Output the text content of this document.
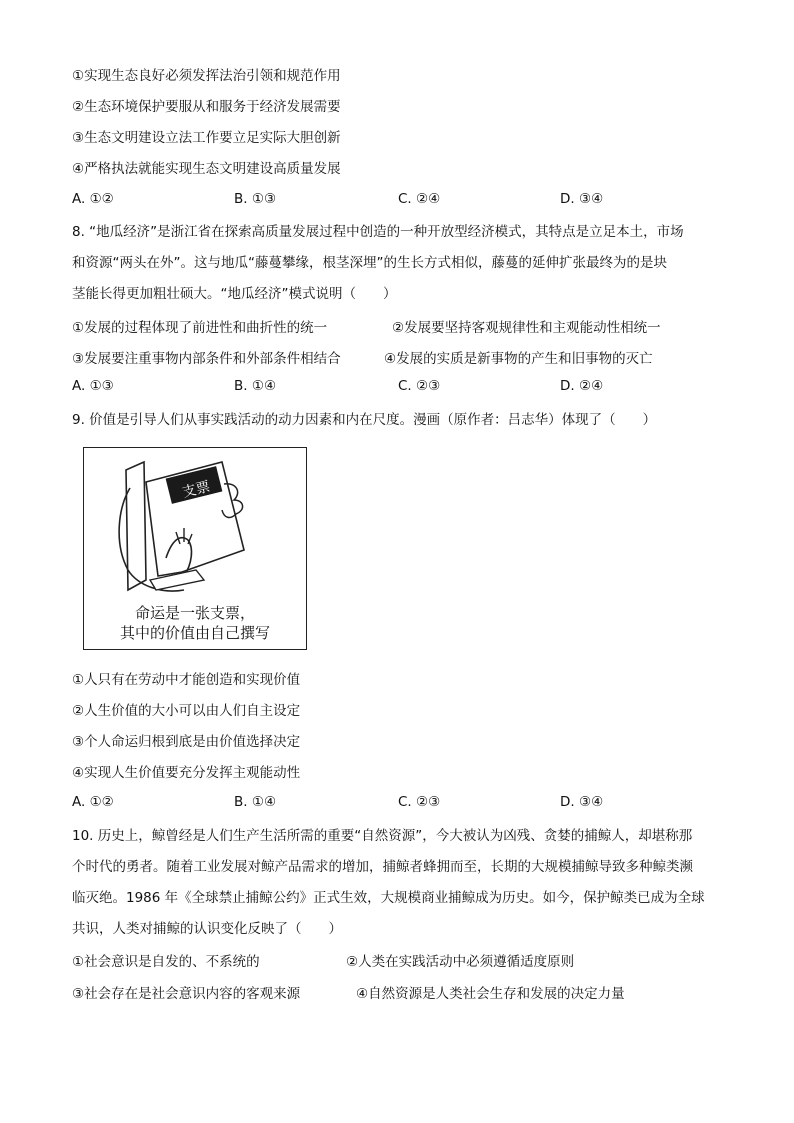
①实现生态良好必须发挥法治引领和规范作用
②生态环境保护要服从和服务于经济发展需要
③生态文明建设立法工作要立足实际大胆创新
④严格执法就能实现生态文明建设高质量发展
A. ①②	B. ①③	C. ②④	D. ③④
8. “地瓜经济”是浙江省在探索高质量发展过程中创造的一种开放型经济模式，其特点是立足本土，市场
和资源“两头在外”。这与地瓜“藤蔓攀缘，根茎深埋”的生长方式相似，藤蔓的延伸扩张最终为的是块
茎能长得更加粗壮硕大。“地瓜经济”模式说明（　　）
①发展的过程体现了前进性和曲折性的统一	②发展要坚持客观规律性和主观能动性相统一
③发展要注重事物内部条件和外部条件相结合	④发展的实质是新事物的产生和旧事物的灭亡
A. ①③	B. ①④	C. ②③	D. ②④
9. 价值是引导人们从事实践活动的动力因素和内在尺度。漫画（原作者：吕志华）体现了（　　）
支票
命运是一张支票，
其中的价值由自己撰写
①人只有在劳动中才能创造和实现价值
②人生价值的大小可以由人们自主设定
③个人命运归根到底是由价值选择决定
④实现人生价值要充分发挥主观能动性
A. ①②	B. ①④	C. ②③	D. ③④
10. 历史上，鲸曾经是人们生产生活所需的重要“自然资源”，今大被认为凶残、贪婪的捕鲸人，却堪称那
个时代的勇者。随着工业发展对鲸产品需求的增加，捕鲸者蜂拥而至，长期的大规模捕鲸导致多种鲸类濒
临灭绝。1986 年《全球禁止捕鲸公约》正式生效，大规模商业捕鲸成为历史。如今，保护鲸类已成为全球
共识，人类对捕鲸的认识变化反映了（　　）
①社会意识是自发的、不系统的	②人类在实践活动中必须遵循适度原则
③社会存在是社会意识内容的客观来源	④自然资源是人类社会生存和发展的决定力量
